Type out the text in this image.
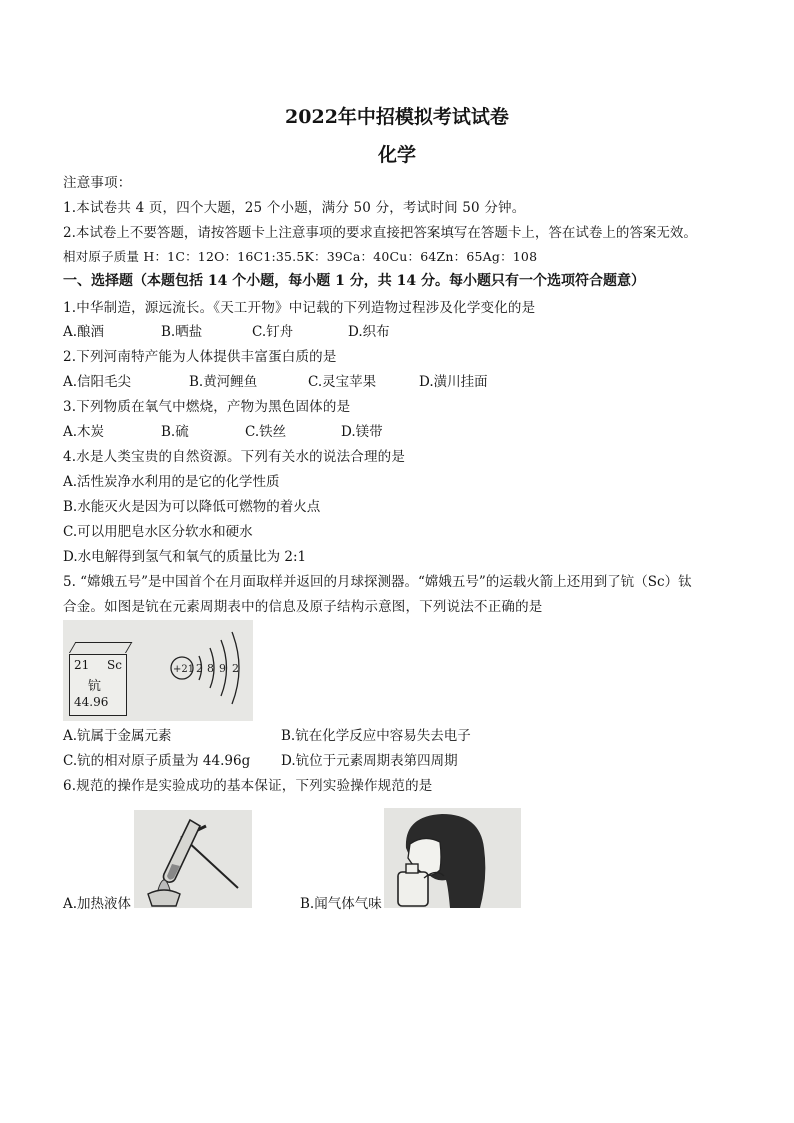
2022年中招模拟考试试卷
化学
注意事项：
1.本试卷共 4 页，四个大题，25 个小题，满分 50 分，考试时间 50 分钟。
2.本试卷上不要答题，请按答题卡上注意事项的要求直接把答案填写在答题卡上，答在试卷上的答案无效。
相对原子质量 H：1C：12O：16C1:35.5K：39Ca：40Cu：64Zn：65Ag：108
一、选择题（本题包括 14 个小题，每小题 1 分，共 14 分。每小题只有一个选项符合题意）
1.中华制造，源远流长。《天工开物》中记载的下列造物过程涉及化学变化的是
A.酿酒	B.晒盐	C.钉舟	D.织布
2.下列河南特产能为人体提供丰富蛋白质的是
A.信阳毛尖	B.黄河鲤鱼	C.灵宝苹果	D.潢川挂面
3.下列物质在氧气中燃烧，产物为黑色固体的是
A.木炭	B.硫	C.铁丝	D.镁带
4.水是人类宝贵的自然资源。下列有关水的说法合理的是
A.活性炭净水利用的是它的化学性质
B.水能灭火是因为可以降低可燃物的着火点
C.可以用肥皂水区分软水和硬水
D.水电解得到氢气和氧气的质量比为 2:1
5. “嫦娥五号”是中国首个在月面取样并返回的月球探测器。“嫦娥五号”的运载火箭上还用到了钪（Sc）钛
合金。如图是钪在元素周期表中的信息及原子结构示意图，下列说法不正确的是
21 Sc
钪
44.96
+21 2 8 9 2
A.钪属于金属元素	B.钪在化学反应中容易失去电子
C.钪的相对原子质量为 44.96g D.钪位于元素周期表第四周期
6.规范的操作是实验成功的基本保证，下列实验操作规范的是
A.加热液体	B.闻气体气味
